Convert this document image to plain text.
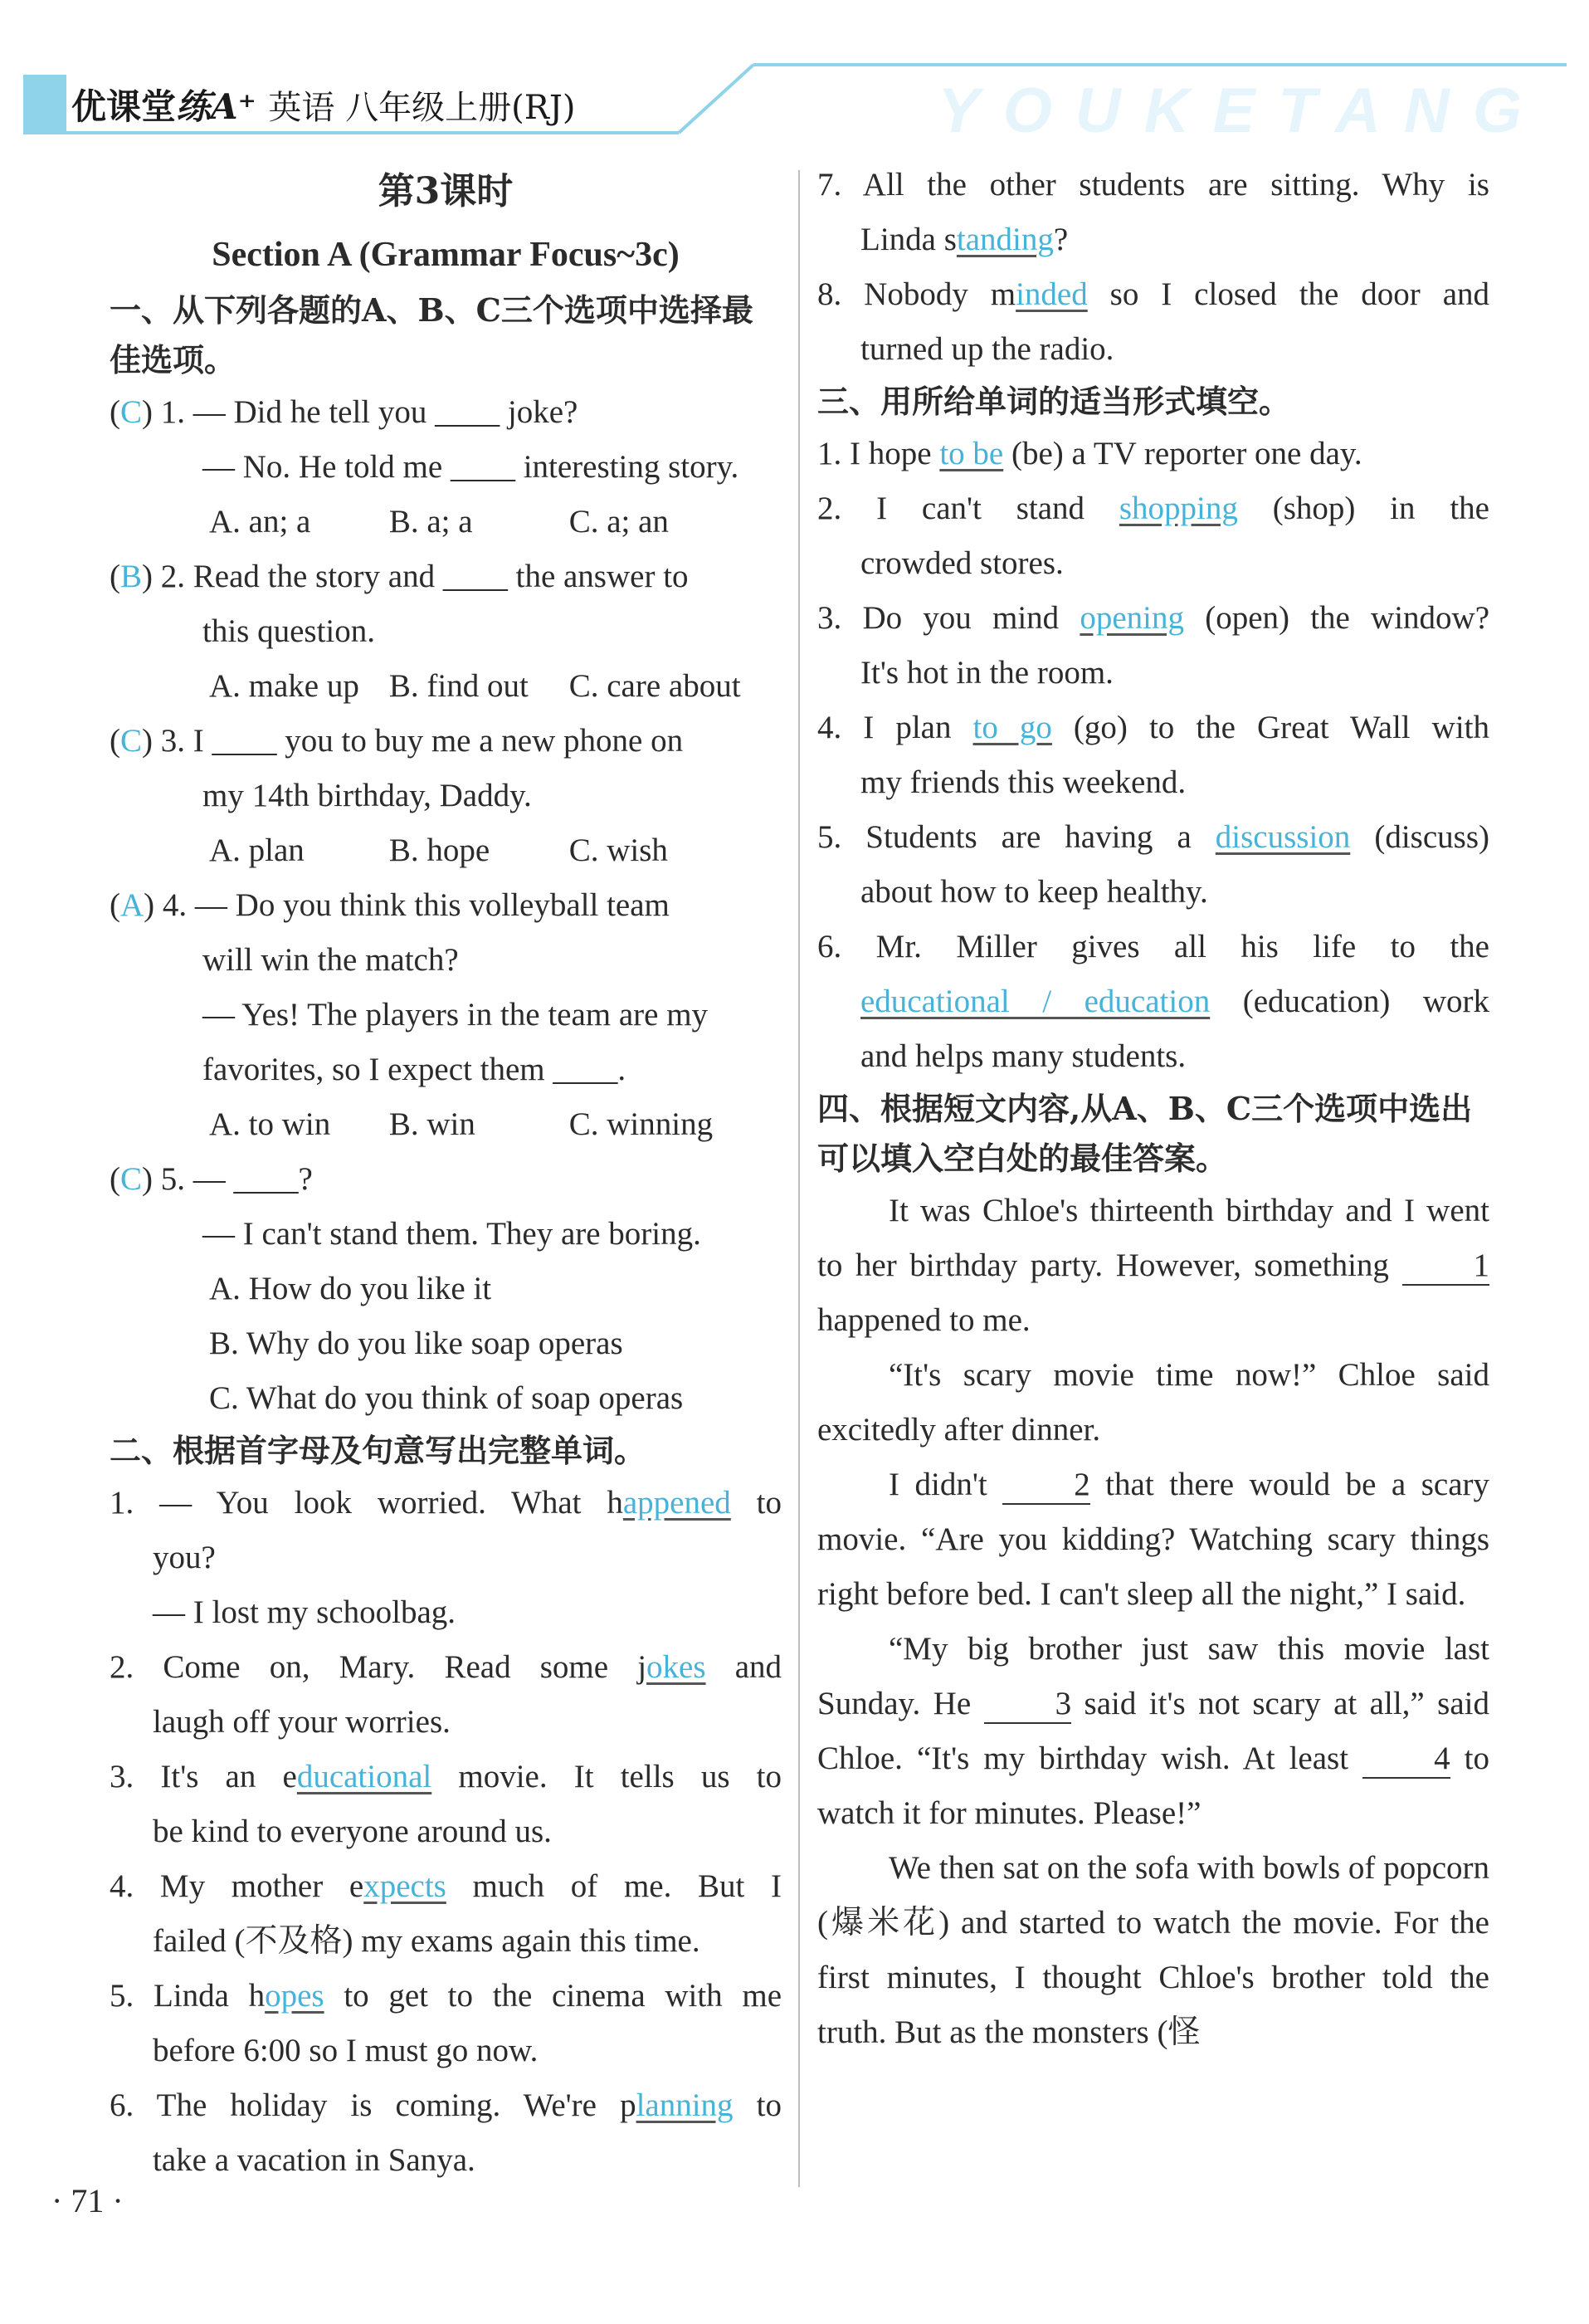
优课堂练A⁺ 英语 八年级上册(RJ)	YOUKETANG
第3课时
Section A (Grammar Focus~3c)
一、从下列各题的A、B、C三个选项中选择最佳选项。
(C) 1. — Did he tell you ____ joke?
— No. He told me ____ interesting story.
A. an; a	B. a; a	C. a; an
(B) 2. Read the story and ____ the answer to
this question.
A. make up B. find out	C. care about
(C) 3. I ____ you to buy me a new phone on
my 14th birthday, Daddy.
A. plan	B. hope	C. wish
(A) 4. — Do you think this volleyball team
will win the match?
— Yes! The players in the team are my
favorites, so I expect them ____.
A. to win	B. win	C. winning
(C) 5. — ____?
— I can't stand them. They are boring.
A. How do you like it
B. Why do you like soap operas
C. What do you think of soap operas
二、根据首字母及句意写出完整单词。
1. — You look worried. What happened to
you?
— I lost my schoolbag.
2. Come on, Mary. Read some jokes and
laugh off your worries.
3. It's an educational movie. It tells us to
be kind to everyone around us.
4. My mother expects much of me. But I
failed (不及格) my exams again this time.
5. Linda hopes to get to the cinema with me
before 6:00 so I must go now.
6. The holiday is coming. We're planning to
take a vacation in Sanya.
7. All the other students are sitting. Why is
Linda standing?
8. Nobody minded so I closed the door and
turned up the radio.
三、用所给单词的适当形式填空。
1. I hope to be (be) a TV reporter one day.
2. I can't stand shopping (shop) in the
crowded stores.
3. Do you mind opening (open) the window?
It's hot in the room.
4. I plan to go (go) to the Great Wall with
my friends this weekend.
5. Students are having a discussion (discuss)
about how to keep healthy.
6. Mr. Miller gives all his life to the
educational / education (education) work
and helps many students.
四、根据短文内容,从A、B、C三个选项中选出可以填入空白处的最佳答案。

It was Chloe's thirteenth birthday and I went to her birthday party. However, something 1 happened to me.

“It's scary movie time now!” Chloe said excitedly after dinner.

I didn't 2 that there would be a scary movie. “Are you kidding? Watching scary things right before bed. I can't sleep all the night,” I said.

“My big brother just saw this movie last Sunday. He 3 said it's not scary at all,” said Chloe. “It's my birthday wish. At least 4 to watch it for minutes. Please!”

We then sat on the sofa with bowls of popcorn (爆米花) and started to watch the movie. For the first minutes, I thought Chloe's brother told the truth. But as the monsters (怪

· 71 ·
